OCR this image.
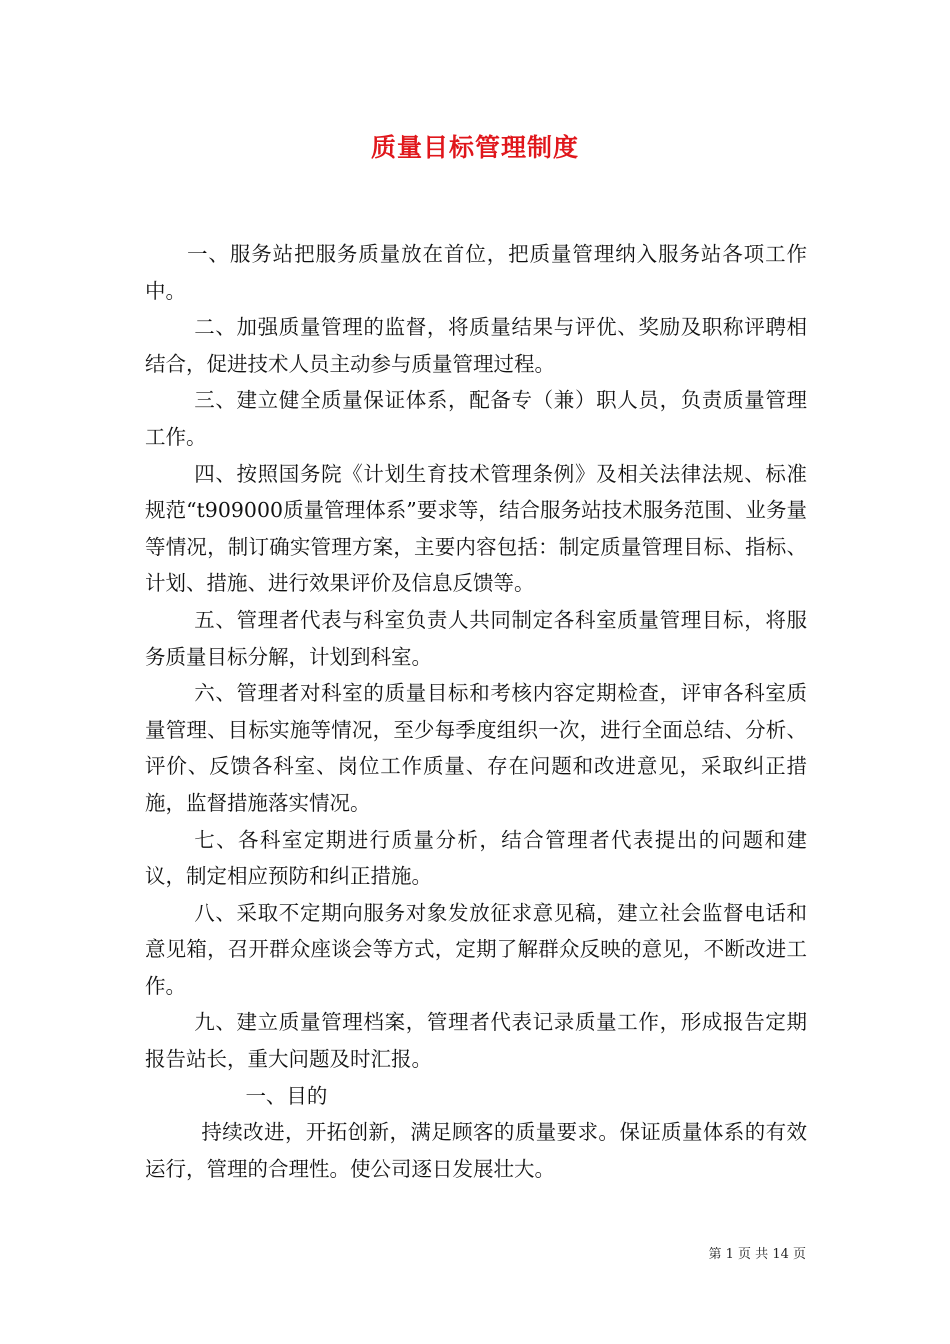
质量目标管理制度

一、服务站把服务质量放在首位，把质量管理纳入服务站各项工作中。

二、加强质量管理的监督，将质量结果与评优、奖励及职称评聘相结合，促进技术人员主动参与质量管理过程。

三、建立健全质量保证体系，配备专（兼）职人员，负责质量管理工作。

四、按照国务院《计划生育技术管理条例》及相关法律法规、标准规范“t909000质量管理体系”要求等，结合服务站技术服务范围、业务量等情况，制订确实管理方案，主要内容包括：制定质量管理目标、指标、计划、措施、进行效果评价及信息反馈等。

五、管理者代表与科室负责人共同制定各科室质量管理目标，将服务质量目标分解，计划到科室。

六、管理者对科室的质量目标和考核内容定期检查，评审各科室质量管理、目标实施等情况，至少每季度组织一次，进行全面总结、分析、评价、反馈各科室、岗位工作质量、存在问题和改进意见，采取纠正措施，监督措施落实情况。

七、各科室定期进行质量分析，结合管理者代表提出的问题和建议，制定相应预防和纠正措施。

八、采取不定期向服务对象发放征求意见稿，建立社会监督电话和意见箱，召开群众座谈会等方式，定期了解群众反映的意见，不断改进工作。

九、建立质量管理档案，管理者代表记录质量工作，形成报告定期报告站长，重大问题及时汇报。

一、目的

持续改进，开拓创新，满足顾客的质量要求。保证质量体系的有效运行，管理的合理性。使公司逐日发展壮大。

第 1 页 共 14 页
